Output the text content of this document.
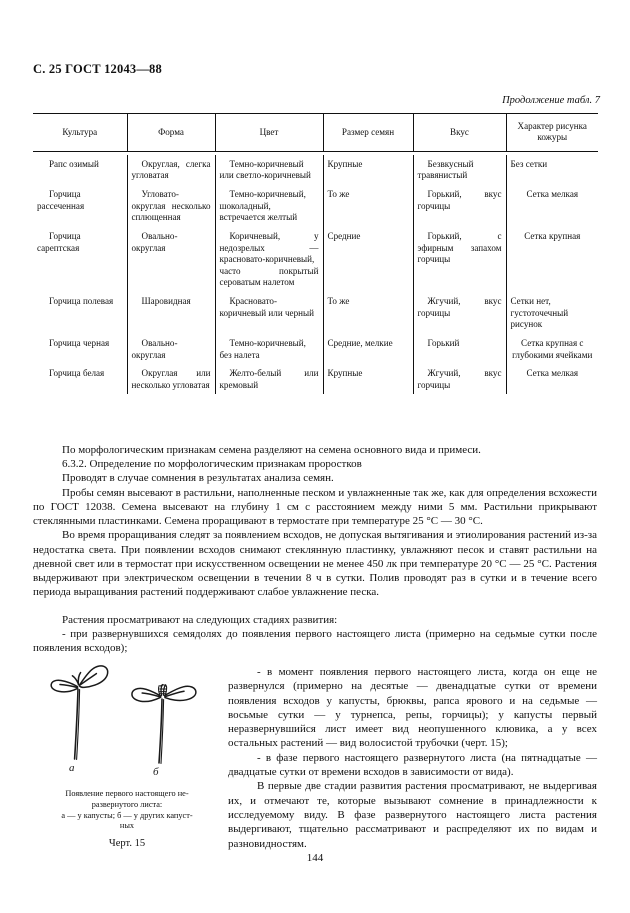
С. 25 ГОСТ 12043—88
Продолжение табл. 7
Культура	Форма	Цвет	Размер семян	Вкус	Характер рисунка кожуры

Рапс озимый	Округлая, слегка угловатая	Темно-коричневый или светло-коричневый	Крупные	Безвкусный травянистый	Без сетки

Горчица рассеченная	Угловато-округлая несколько сплющенная	Темно-коричневый, шоколадный, встречается желтый	То же	Горький, вкус горчицы	Сетка мелкая

Горчица сарептская	Овально-округлая	Коричневый, у недозрелых — красновато-коричневый, часто покрытый сероватым налетом	Средние	Горький, с эфирным запахом горчицы	Сетка крупная

Горчица полевая	Шаровидная	Красновато-коричневый или черный	То же	Жгучий, вкус горчицы	Сетки нет, густоточечный рисунок

Горчица черная	Овально-округлая	Темно-коричневый, без налета	Средние, мелкие	Горький	Сетка крупная с глубокими ячейками

Горчица белая	Округлая или несколько угловатая	Желто-белый или кремовый	Крупные	Жгучий, вкус горчицы	Сетка мелкая

По морфологическим признакам семена разделяют на семена основного вида и примеси.

6.3.2. Определение по морфологическим признакам проростков

Проводят в случае сомнения в результатах анализа семян.

Пробы семян высевают в растильни, наполненные песком и увлажненные так же, как для определения всхожести по ГОСТ 12038. Семена высевают на глубину 1 см с расстоянием между ними 5 мм. Растильни прикрывают стеклянными пластинками. Семена проращивают в термостате при температуре 25 °С — 30 °С.

Во время проращивания следят за появлением всходов, не допуская вытягивания и этиолирования растений из-за недостатка света. При появлении всходов снимают стеклянную пластинку, увлажняют песок и ставят растильни на дневной свет или в термостат при искусственном освещении не менее 450 лк при температуре 20 °С — 25 °С. Растения выдерживают при электрическом освещении в течении 8 ч в сутки. Полив проводят раз в сутки и в течение всего периода выращивания растений поддерживают слабое увлажнение песка.

Растения просматривают на следующих стадиях развития:

- при развернувшихся семядолях до появления первого настоящего листа (примерно на седьмые сутки после появления всходов);

а	б
Появление первого настоящего не-
развернутого листа:
а — у капусты; б — у других капуст-
ных
Черт. 15

- в момент появления первого настоящего листа, когда он еще не развернулся (примерно на десятые — двенадцатые сутки от времени появления всходов у капусты, брюквы, рапса ярового и на седьмые — восьмые сутки — у турнепса, репы, горчицы); у капусты первый неразвернувшийся лист имеет вид неопушенного клювика, а у всех остальных растений — вид волосистой трубочки (черт. 15);

- в фазе первого настоящего развернутого листа (на пятнадцатые — двадцатые сутки от времени всходов в зависимости от вида).

В первые две стадии развития растения просматривают, не выдергивая их, и отмечают те, которые вызывают сомнение в принадлежности к исследуемому виду. В фазе развернутого настоящего листа растения выдергивают, тщательно рассматривают и распределяют их по видам и разновидностям.

144
